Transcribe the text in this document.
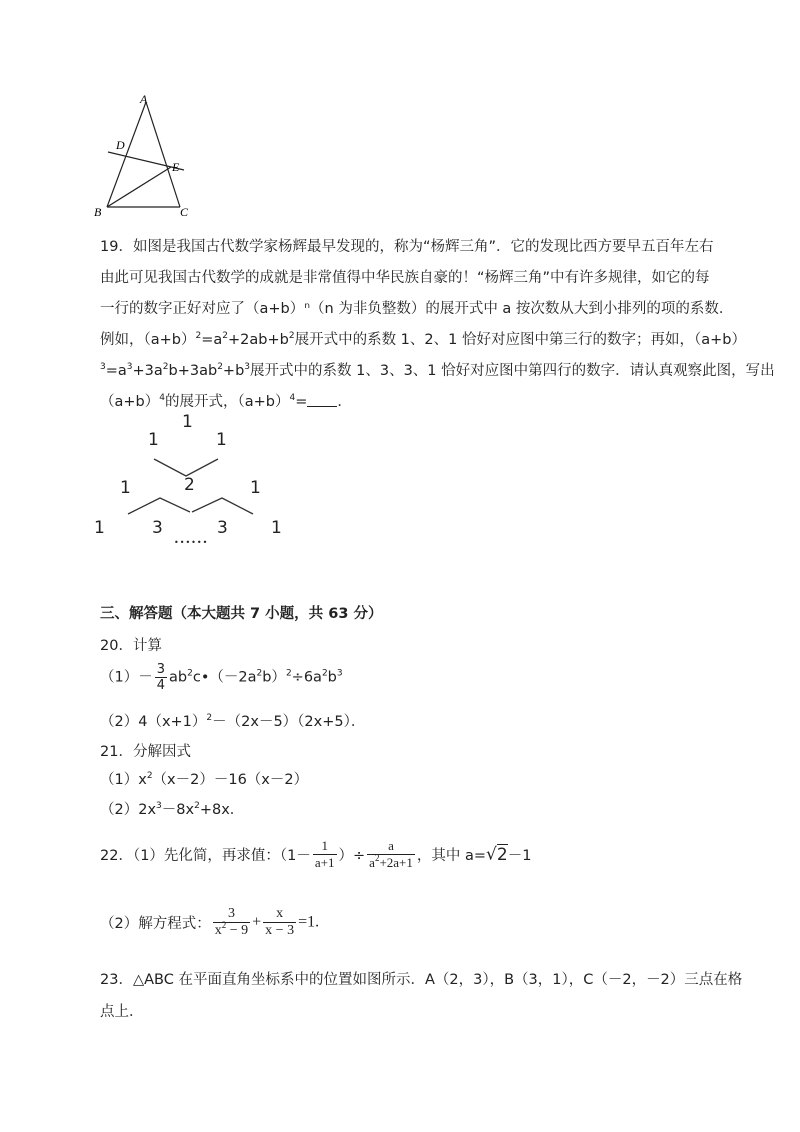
A
D
E
B	C
19．如图是我国古代数学家杨辉最早发现的，称为“杨辉三角”．它的发现比西方要早五百年左右
由此可见我国古代数学的成就是非常值得中华民族自豪的！“杨辉三角”中有许多规律，如它的每
一行的数字正好对应了（a+b）ⁿ（n 为非负整数）的展开式中 a 按次数从大到小排列的项的系数．
例如，$(a+b)^2=a^2+2ab+b^2$展开式中的系数 1、2、1 恰好对应图中第三行的数字；再如，（a+b）
$^3=a^3+3a^2b+3ab^2+b^3$展开式中的系数 1、3、3、1 恰好对应图中第四行的数字．请认真观察此图，写出
$(a+b)^4$的展开式，$(a+b)^4=$ ．
1
1	1
1	2	1
1	3	3	1
••••••
三、解答题（本大题共 7 小题，共 63 分）
20．计算
$(1)- \frac{3}{4}$ $ab^2c•(-2a^2b)^2\div 6a^2b^3$
$(2)4(x+1)^2-(2x-5)(2x+5)$．
21．分解因式
$(1)x^2(x-2)-16(x-2)$
$(2)2x^3-8x^2+8x$．
22．（1）先化简，再求值：（$1- \frac{1}{a+1}$ ）÷ $\frac{a}{a^2+2a+1}$ ，其中 a=√2－1
（2）解方程式： $\frac{3}{x^2 - 9} + \frac{x}{x - 3} =1$.
23．△ABC 在平面直角坐标系中的位置如图所示．A（2，3），B（3，1），C（－2，－2）三点在格
点上．
